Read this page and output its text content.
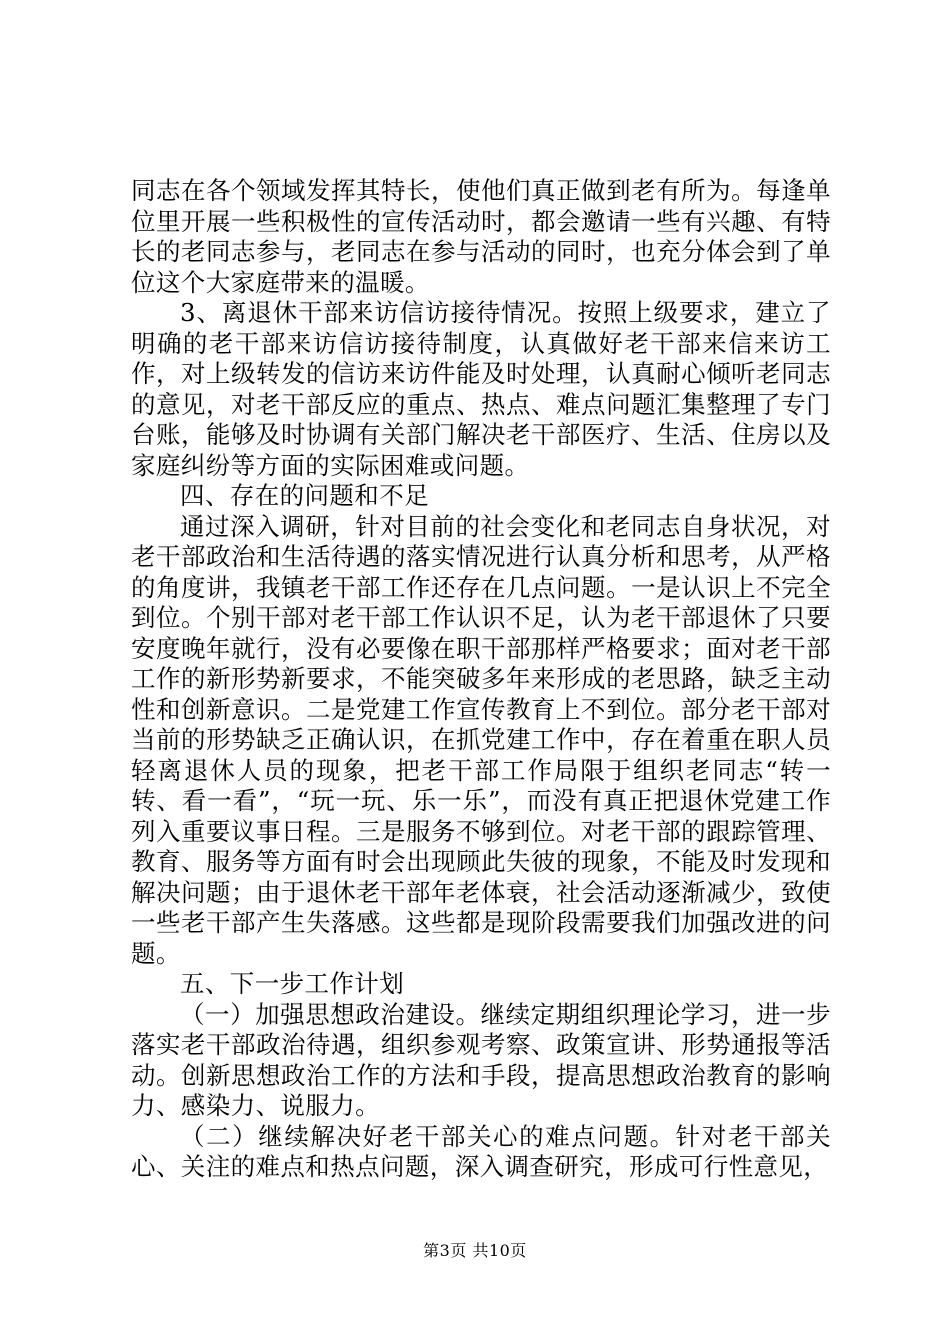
同志在各个领域发挥其特长，使他们真正做到老有所为。每逢单位里开展一些积极性的宣传活动时，都会邀请一些有兴趣、有特长的老同志参与，老同志在参与活动的同时，也充分体会到了单位这个大家庭带来的温暖。

3、离退休干部来访信访接待情况。按照上级要求，建立了明确的老干部来访信访接待制度，认真做好老干部来信来访工作，对上级转发的信访来访件能及时处理，认真耐心倾听老同志的意见，对老干部反应的重点、热点、难点问题汇集整理了专门台账，能够及时协调有关部门解决老干部医疗、生活、住房以及家庭纠纷等方面的实际困难或问题。

四、存在的问题和不足

通过深入调研，针对目前的社会变化和老同志自身状况，对老干部政治和生活待遇的落实情况进行认真分析和思考，从严格的角度讲，我镇老干部工作还存在几点问题。一是认识上不完全到位。个别干部对老干部工作认识不足，认为老干部退休了只要安度晚年就行，没有必要像在职干部那样严格要求；面对老干部工作的新形势新要求，不能突破多年来形成的老思路，缺乏主动性和创新意识。二是党建工作宣传教育上不到位。部分老干部对当前的形势缺乏正确认识，在抓党建工作中，存在着重在职人员轻离退休人员的现象，把老干部工作局限于组织老同志“转一转、看一看”，“玩一玩、乐一乐”，而没有真正把退休党建工作列入重要议事日程。三是服务不够到位。对老干部的跟踪管理、教育、服务等方面有时会出现顾此失彼的现象，不能及时发现和解决问题；由于退休老干部年老体衰，社会活动逐渐减少，致使一些老干部产生失落感。这些都是现阶段需要我们加强改进的问题。

五、下一步工作计划

（一）加强思想政治建设。继续定期组织理论学习，进一步落实老干部政治待遇，组织参观考察、政策宣讲、形势通报等活动。创新思想政治工作的方法和手段，提高思想政治教育的影响力、感染力、说服力。

（二）继续解决好老干部关心的难点问题。针对老干部关心、关注的难点和热点问题，深入调查研究，形成可行性意见，

第3页 共10页
